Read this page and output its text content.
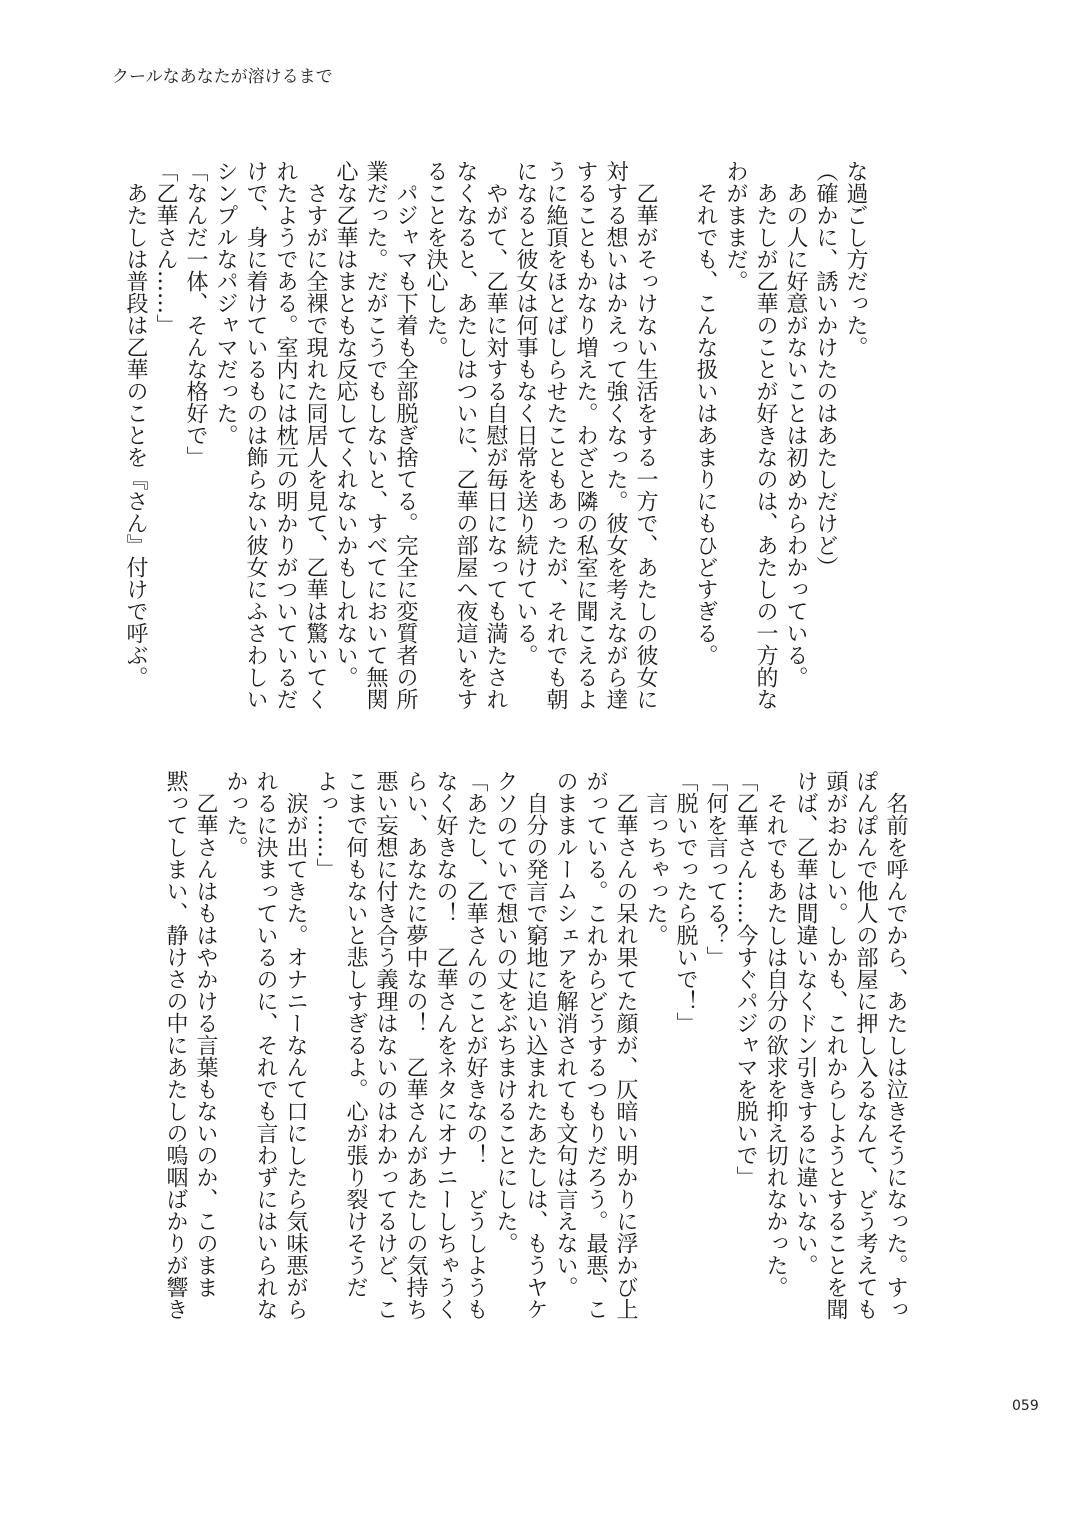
クールなあなたが溶けるまで
な過ごし方だった。
（確かに、誘いかけたのはあたしだけど）
　あの人に好意がないことは初めからわかっている。
　あたしが乙華のことが好きなのは、あたしの一方的な
わがままだ。
　それでも、こんな扱いはあまりにもひどすぎる。

　乙華がそっけない生活をする一方で、あたしの彼女に
対する想いはかえって強くなった。彼女を考えながら達
することもかなり増えた。わざと隣の私室に聞こえるよ
うに絶頂をほとばしらせたこともあったが、それでも朝
になると彼女は何事もなく日常を送り続けている。
　やがて、乙華に対する自慰が毎日になっても満たされ
なくなると、あたしはついに、乙華の部屋へ夜這いをす
ることを決心した。
　パジャマも下着も全部脱ぎ捨てる。完全に変質者の所
業だった。だがこうでもしないと、すべてにおいて無関
心な乙華はまともな反応してくれないかもしれない。
　さすがに全裸で現れた同居人を見て、乙華は驚いてく
れたようである。室内には枕元の明かりがついているだ
けで、身に着けているものは飾らない彼女にふさわしい
シンプルなパジャマだった。
「なんだ一体、そんな格好で」
「乙華さん……」
　あたしは普段は乙華のことを『さん』付けで呼ぶ。
　名前を呼んでから、あたしは泣きそうになった。すっ
ぽんぽんで他人の部屋に押し入るなんて、どう考えても
頭がおかしい。しかも、これからしようとすることを聞
けば、乙華は間違いなくドン引きするに違いない。
　それでもあたしは自分の欲求を抑え切れなかった。
「乙華さん……今すぐパジャマを脱いで」
「何を言ってる？」
「脱いでったら脱いで！」
　言っちゃった。
　乙華さんの呆れ果てた顔が、仄暗い明かりに浮かび上
がっている。これからどうするつもりだろう。最悪、こ
のままルームシェアを解消されても文句は言えない。
　自分の発言で窮地に追い込まれたあたしは、もうヤケ
クソのていで想いの丈をぶちまけることにした。
「あたし、乙華さんのことが好きなの！　どうしようも
なく好きなの！　乙華さんをネタにオナニーしちゃうく
らい、あなたに夢中なの！　乙華さんがあたしの気持ち
悪い妄想に付き合う義理はないのはわかってるけど、こ
こまで何もないと悲しすぎるよ。心が張り裂けそうだ
よっ……」
　涙が出てきた。オナニーなんて口にしたら気味悪がら
れるに決まっているのに、それでも言わずにはいられな
かった。
　乙華さんはもはやかける言葉もないのか、このまま
黙ってしまい、静けさの中にあたしの嗚咽ばかりが響き
059
